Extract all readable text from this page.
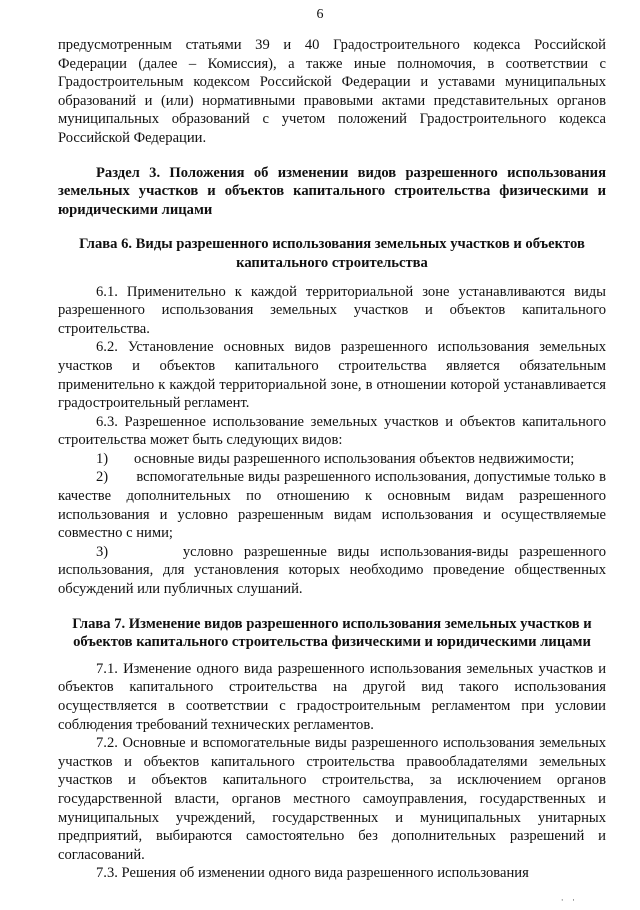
6

предусмотренным статьями 39 и 40 Градостроительного кодекса Российской Федерации (далее – Комиссия), а также иные полномочия, в соответствии с Градостроительным кодексом Российской Федерации и уставами муниципальных образований и (или) нормативными правовыми актами представительных органов муниципальных образований с учетом положений Градостроительного кодекса Российской Федерации.

Раздел 3. Положения об изменении видов разрешенного использования земельных участков и объектов капитального строительства физическими и юридическими лицами

Глава 6. Виды разрешенного использования земельных участков и объектов капитального строительства

6.1. Применительно к каждой территориальной зоне устанавливаются виды разрешенного использования земельных участков и объектов капитального строительства.

6.2. Установление основных видов разрешенного использования земельных участков и объектов капитального строительства является обязательным применительно к каждой территориальной зоне, в отношении которой устанавливается градостроительный регламент.

6.3. Разрешенное использование земельных участков и объектов капитального строительства может быть следующих видов:

1)	основные виды разрешенного использования объектов недвижимости;

2) вспомогательные виды разрешенного использования, допустимые только в качестве дополнительных по отношению к основным видам разрешенного использования и условно разрешенным видам использования и осуществляемые совместно с ними;

3)	условно разрешенные виды использования-виды разрешенного использования, для установления которых необходимо проведение общественных обсуждений или публичных слушаний.

Глава 7. Изменение видов разрешенного использования земельных участков и объектов капитального строительства физическими и юридическими лицами

7.1. Изменение одного вида разрешенного использования земельных участков и объектов капитального строительства на другой вид такого использования осуществляется в соответствии с градостроительным регламентом при условии соблюдения требований технических регламентов.

7.2. Основные и вспомогательные виды разрешенного использования земельных участков и объектов капитального строительства правообладателями земельных участков и объектов капитального строительства, за исключением органов государственной власти, органов местного самоуправления, государственных и муниципальных учреждений, государственных и муниципальных унитарных предприятий, выбираются самостоятельно без дополнительных разрешений и согласований.

7.3. Решения об изменении одного вида разрешенного использования

· ·
